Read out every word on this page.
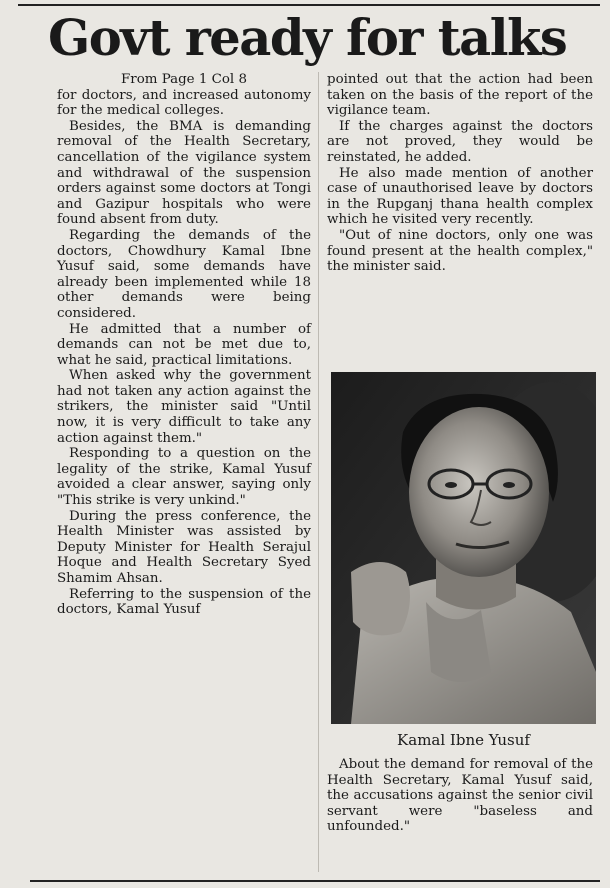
Govt ready for talks

From Page 1 Col 8

for doctors, and increased autonomy for the medical colleges.

Besides, the BMA is demanding removal of the Health Secretary, cancellation of the vigilance system and withdrawal of the suspension orders against some doctors at Tongi and Gazipur hospitals who were found absent from duty.

Regarding the demands of the doctors, Chowdhury Kamal Ibne Yusuf said, some demands have already been implemented while 18 other demands were being considered.

He admitted that a number of demands can not be met due to, what he said, practical limitations.

When asked why the government had not taken any action against the strikers, the minister said "Until now, it is very difficult to take any action against them."

Responding to a question on the legality of the strike, Kamal Yusuf avoided a clear answer, saying only "This strike is very unkind."

During the press conference, the Health Minister was assisted by Deputy Minister for Health Serajul Hoque and Health Secretary Syed Shamim Ahsan.

Referring to the suspension of the doctors, Kamal Yusuf

pointed out that the action had been taken on the basis of the report of the vigilance team.

If the charges against the doctors are not proved, they would be reinstated, he added.

He also made mention of another case of unauthorised leave by doctors in the Rupganj thana health complex which he visited very recently.

"Out of nine doctors, only one was found present at the health complex," the minister said.

Kamal Ibne Yusuf

About the demand for removal of the Health Secretary, Kamal Yusuf said, the accusations against the senior civil servant were "baseless and unfounded."
